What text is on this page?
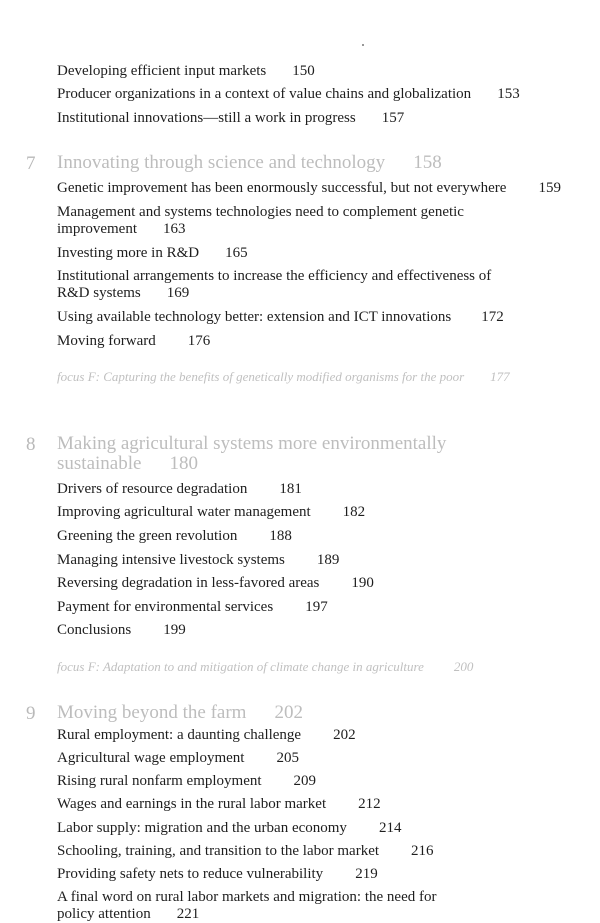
Developing efficient input markets 150
Producer organizations in a context of value chains and globalization 153
Institutional innovations—still a work in progress 157
7 Innovating through science and technology 158
Genetic improvement has been enormously successful, but not everywhere 159
Management and systems technologies need to complement genetic improvement 163
Investing more in R&D 165
Institutional arrangements to increase the efficiency and effectiveness of R&D systems 169
Using available technology better: extension and ICT innovations 172
Moving forward 176
focus F: Capturing the benefits of genetically modified organisms for the poor 177
8 Making agricultural systems more environmentally sustainable 180
Drivers of resource degradation 181
Improving agricultural water management 182
Greening the green revolution 188
Managing intensive livestock systems 189
Reversing degradation in less-favored areas 190
Payment for environmental services 197
Conclusions 199
focus F: Adaptation to and mitigation of climate change in agriculture 200
9 Moving beyond the farm 202
Rural employment: a daunting challenge 202
Agricultural wage employment 205
Rising rural nonfarm employment 209
Wages and earnings in the rural labor market 212
Labor supply: migration and the urban economy 214
Schooling, training, and transition to the labor market 216
Providing safety nets to reduce vulnerability 219
A final word on rural labor markets and migration: the need for policy attention 221
